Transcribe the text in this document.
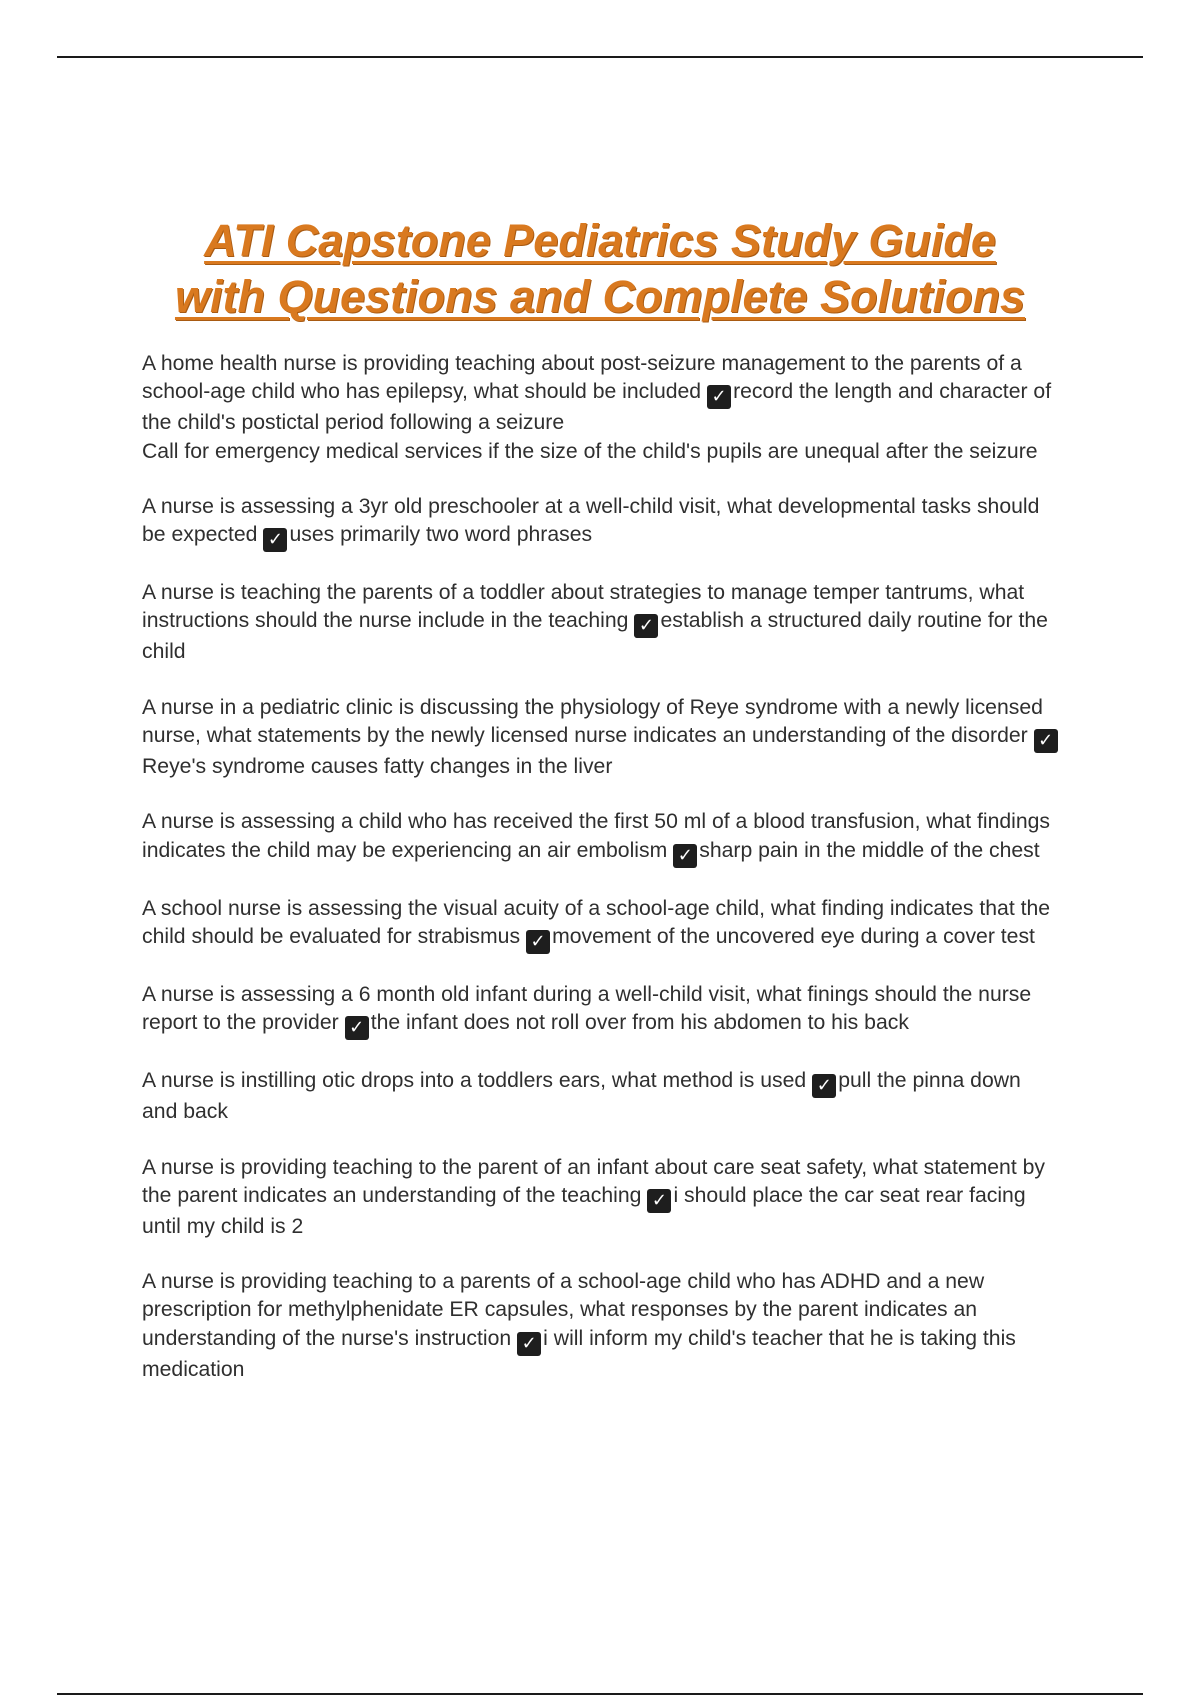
ATI Capstone Pediatrics Study Guide
with Questions and Complete Solutions
A home health nurse is providing teaching about post-seizure management to the parents of a school-age child who has epilepsy, what should be included ✓ record the length and character of the child's postictal period following a seizure
Call for emergency medical services if the size of the child's pupils are unequal after the seizure
A nurse is assessing a 3yr old preschooler at a well-child visit, what developmental tasks should be expected ✓ uses primarily two word phrases
A nurse is teaching the parents of a toddler about strategies to manage temper tantrums, what instructions should the nurse include in the teaching ✓ establish a structured daily routine for the child
A nurse in a pediatric clinic is discussing the physiology of Reye syndrome with a newly licensed nurse, what statements by the newly licensed nurse indicates an understanding of the disorder ✓Reye's syndrome causes fatty changes in the liver
A nurse is assessing a child who has received the first 50 ml of a blood transfusion, what findings indicates the child may be experiencing an air embolism ✓ sharp pain in the middle of the chest
A school nurse is assessing the visual acuity of a school-age child, what finding indicates that the child should be evaluated for strabismus ✓ movement of the uncovered eye during a cover test
A nurse is assessing a 6 month old infant during a well-child visit, what finings should the nurse report to the provider ✓ the infant does not roll over from his abdomen to his back
A nurse is instilling otic drops into a toddlers ears, what method is used ✓ pull the pinna down and back
A nurse is providing teaching to the parent of an infant about care seat safety, what statement by the parent indicates an understanding of the teaching ✓ i should place the car seat rear facing until my child is 2
A nurse is providing teaching to a parents of a school-age child who has ADHD and a new prescription for methylphenidate ER capsules, what responses by the parent indicates an understanding of the nurse's instruction ✓ i will inform my child's teacher that he is taking this medication
